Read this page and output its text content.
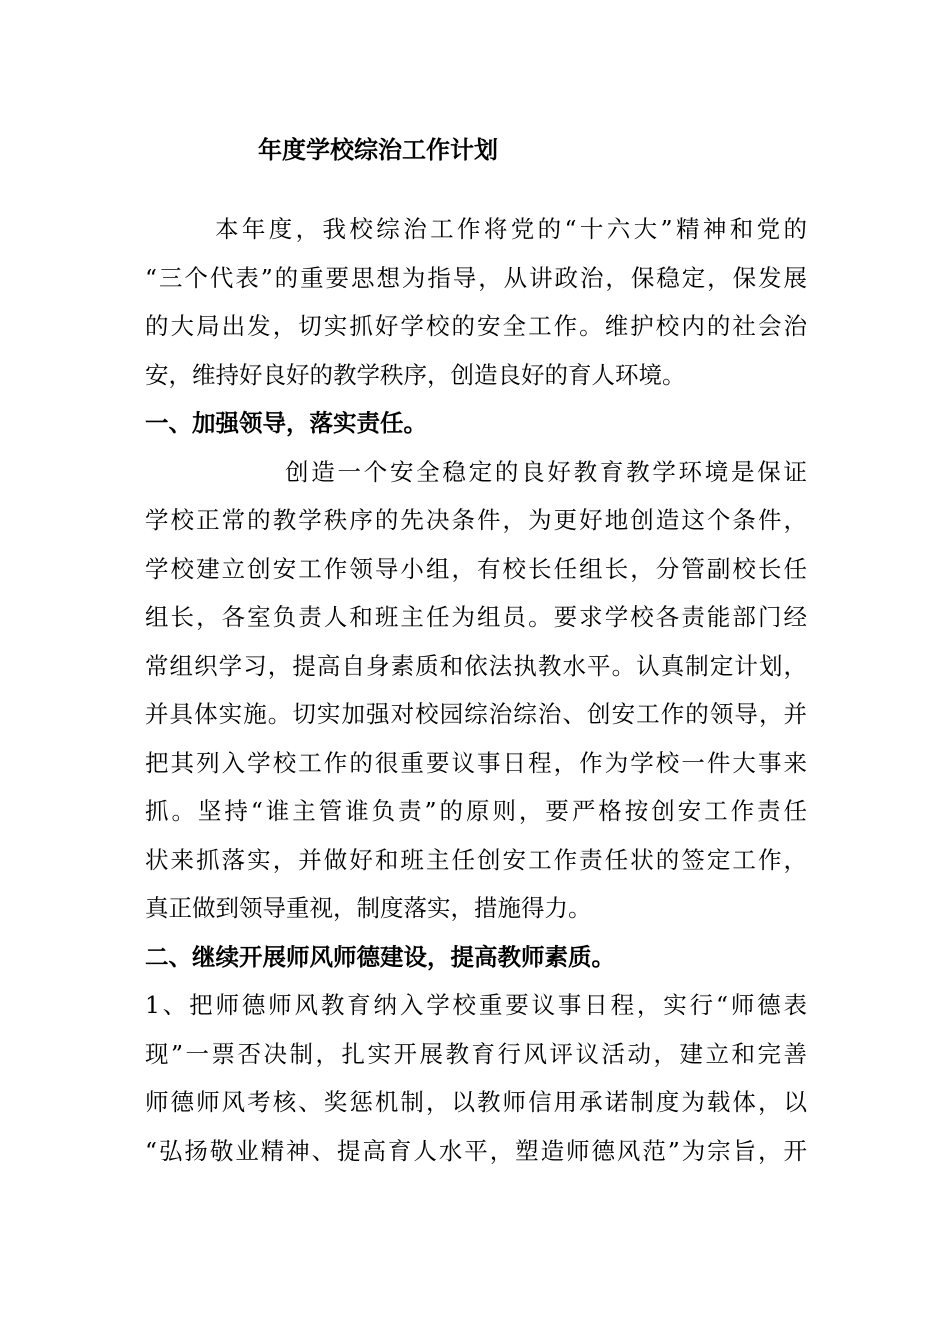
年度学校综治工作计划
本年度，我校综治工作将党的“十六大”精神和党的
“三个代表”的重要思想为指导，从讲政治，保稳定，保发展
的大局出发，切实抓好学校的安全工作。维护校内的社会治
安，维持好良好的教学秩序，创造良好的育人环境。
一、加强领导，落实责任。
创造一个安全稳定的良好教育教学环境是保证
学校正常的教学秩序的先决条件，为更好地创造这个条件，
学校建立创安工作领导小组，有校长任组长，分管副校长任
组长，各室负责人和班主任为组员。要求学校各责能部门经
常组织学习，提高自身素质和依法执教水平。认真制定计划，
并具体实施。切实加强对校园综治综治、创安工作的领导，并
把其列入学校工作的很重要议事日程，作为学校一件大事来
抓。坚持“谁主管谁负责”的原则，要严格按创安工作责任
状来抓落实，并做好和班主任创安工作责任状的签定工作，
真正做到领导重视，制度落实，措施得力。
二、继续开展师风师德建设，提高教师素质。
1、把师德师风教育纳入学校重要议事日程，实行“师德表
现”一票否决制，扎实开展教育行风评议活动，建立和完善
师德师风考核、奖惩机制，以教师信用承诺制度为载体，以
“弘扬敬业精神、提高育人水平，塑造师德风范”为宗旨，开
